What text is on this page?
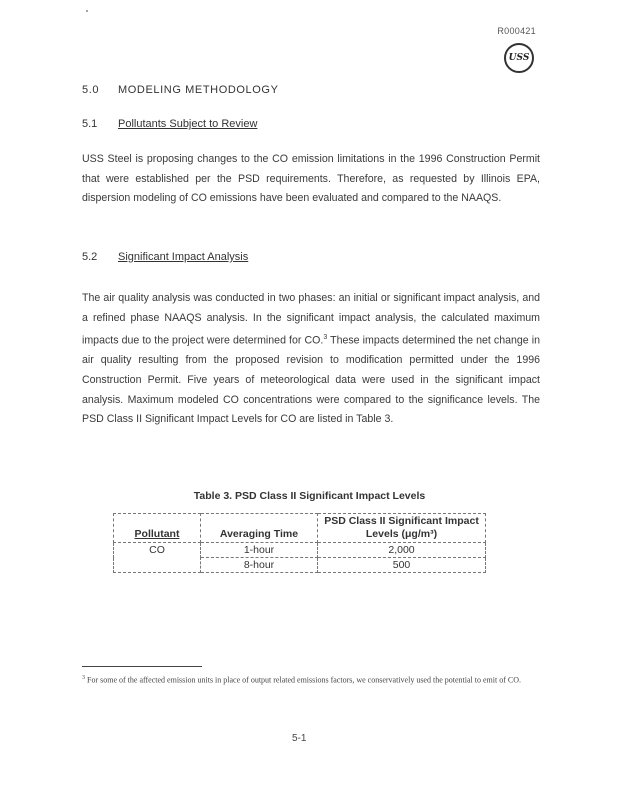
R000421
USS
5.0 MODELING METHODOLOGY
5.1 Pollutants Subject to Review
USS Steel is proposing changes to the CO emission limitations in the 1996 Construction Permit that were established per the PSD requirements. Therefore, as requested by Illinois EPA, dispersion modeling of CO emissions have been evaluated and compared to the NAAQS.
5.2 Significant Impact Analysis
The air quality analysis was conducted in two phases: an initial or significant impact analysis, and a refined phase NAAQS analysis. In the significant impact analysis, the calculated maximum impacts due to the project were determined for CO.$^3$ These impacts determined the net change in air quality resulting from the proposed revision to modification permitted under the 1996 Construction Permit. Five years of meteorological data were used in the significant impact analysis. Maximum modeled CO concentrations were compared to the significance levels. The PSD Class II Significant Impact Levels for CO are listed in Table 3.
Table 3. PSD Class II Significant Impact Levels
Pollutant	Averaging Time	PSD Class II Significant Impact Levels (μg/m³)
CO	1-hour	2,000
	8-hour	500
$^3$ For some of the affected emission units in place of output related emissions factors, we conservatively used the potential to emit of CO.
5-1
